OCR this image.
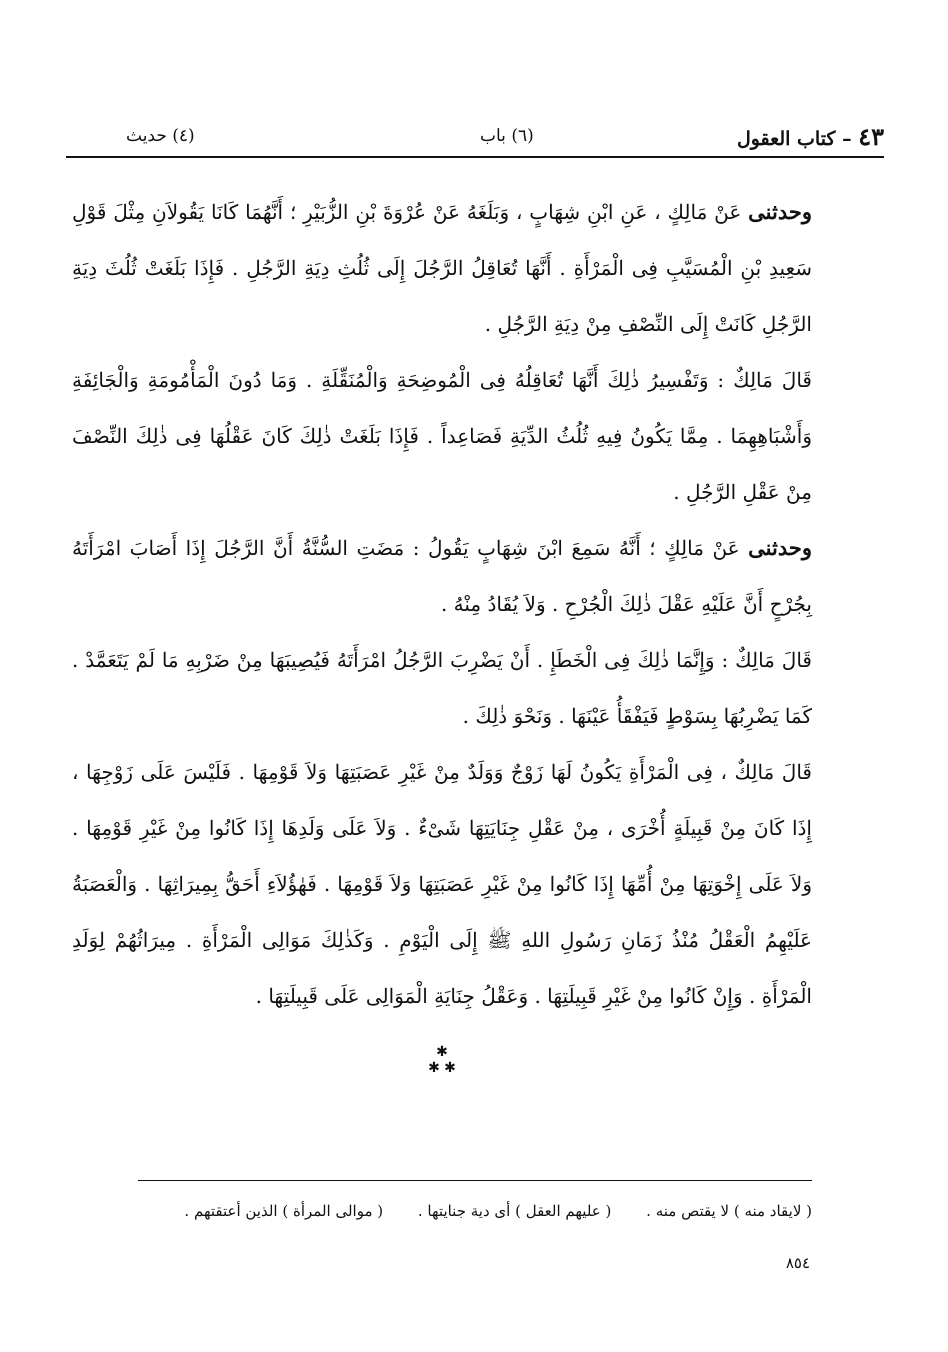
٤٣ – كتاب العقول
(٦) باب
(٤) حديث

وحدثنى عَنْ مَالِكٍ ، عَنِ ابْنِ شِهَابٍ ، وَبَلَغَهُ عَنْ عُرْوَةَ بْنِ الزُّبَيْرِ ؛ أَنَّهُمَا كَانَا يَقُولاَنِ مِثْلَ قَوْلِ سَعِيدِ بْنِ الْمُسَيَّبِ فِى الْمَرْأَةِ . أَنَّهَا تُعَاقِلُ الرَّجُلَ إِلَى ثُلُثِ دِيَةِ الرَّجُلِ . فَإِذَا بَلَغَتْ ثُلُثَ دِيَةِ الرَّجُلِ كَانَتْ إِلَى النِّصْفِ مِنْ دِيَةِ الرَّجُلِ .

قَالَ مَالِكٌ : وَتَفْسِيرُ ذٰلِكَ أَنَّهَا تُعَاقِلُهُ فِى الْمُوضِحَةِ وَالْمُنَقِّلَةِ . وَمَا دُونَ الْمَأْمُومَةِ وَالْجَائِفَةِ وَأَشْبَاهِهِمَا . مِمَّا يَكُونُ فِيهِ ثُلُثُ الدِّيَةِ فَصَاعِداً . فَإِذَا بَلَغَتْ ذٰلِكَ كَانَ عَقْلُهَا فِى ذٰلِكَ النِّصْفَ مِنْ عَقْلِ الرَّجُلِ .

وحدثنى عَنْ مَالِكٍ ؛ أَنَّهُ سَمِعَ ابْنَ شِهَابٍ يَقُولُ : مَضَتِ السُّنَّةُ أَنَّ الرَّجُلَ إِذَا أَصَابَ امْرَأَتَهُ بِجُرْحٍ أَنَّ عَلَيْهِ عَقْلَ ذٰلِكَ الْجُرْحِ . وَلاَ يُقَادُ مِنْهُ .

قَالَ مَالِكٌ : وَإِنَّمَا ذٰلِكَ فِى الْخَطَإِ . أَنْ يَضْرِبَ الرَّجُلُ امْرَأَتَهُ فَيُصِيبَهَا مِنْ ضَرْبِهِ مَا لَمْ يَتَعَمَّدْ . كَمَا يَضْرِبُهَا بِسَوْطٍ فَيَفْقَأُ عَيْنَهَا . وَنَحْوَ ذٰلِكَ .

قَالَ مَالِكٌ ، فِى الْمَرْأَةِ يَكُونُ لَهَا زَوْجٌ وَوَلَدٌ مِنْ غَيْرِ عَصَبَتِهَا وَلاَ قَوْمِهَا . فَلَيْسَ عَلَى زَوْجِهَا ، إِذَا كَانَ مِنْ قَبِيلَةٍ أُخْرَى ، مِنْ عَقْلِ جِنَايَتِهَا شَىْءٌ . وَلاَ عَلَى وَلَدِهَا إِذَا كَانُوا مِنْ غَيْرِ قَوْمِهَا . وَلاَ عَلَى إِخْوَتِهَا مِنْ أُمِّهَا إِذَا كَانُوا مِنْ غَيْرِ عَصَبَتِهَا وَلاَ قَوْمِهَا . فَهٰؤُلاَءِ أَحَقُّ بِمِيرَاثِهَا . وَالْعَصَبَةُ عَلَيْهِمُ الْعَقْلُ مُنْذُ زَمَانِ رَسُولِ اللهِ ﷺ إِلَى الْيَوْمِ . وَكَذٰلِكَ مَوَالِى الْمَرْأَةِ . مِيرَاثُهُمْ لِوَلَدِ الْمَرْأَةِ . وَإِنْ كَانُوا مِنْ غَيْرِ قَبِيلَتِهَا . وَعَقْلُ جِنَايَةِ الْمَوَالِى عَلَى قَبِيلَتِهَا .

✱
✱ ✱
( لايقاد منه ) لا يقتص منه . ( عليهم العقل ) أى دية جنايتها . ( موالى المرأة ) الذين أعتقتهم .
٨٥٤
